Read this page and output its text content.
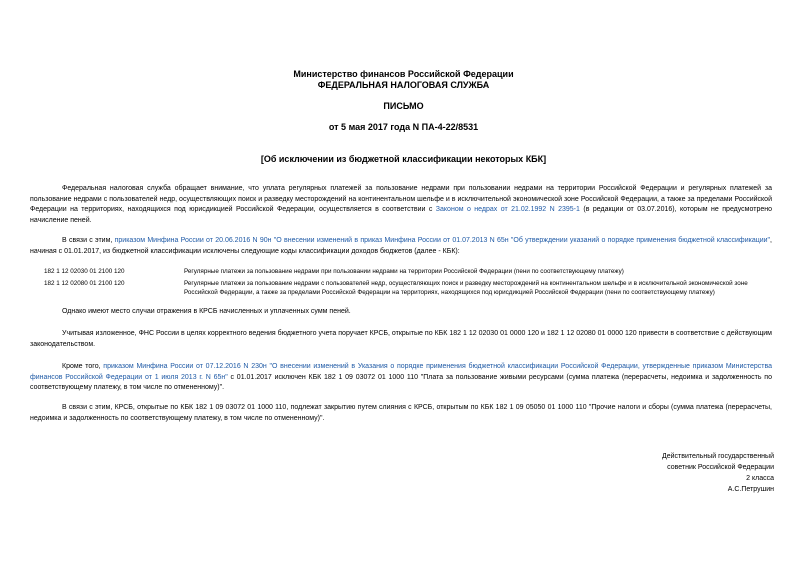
Министерство финансов Российской Федерации
ФЕДЕРАЛЬНАЯ НАЛОГОВАЯ СЛУЖБА
ПИСЬМО
от 5 мая 2017 года N ПА-4-22/8531
[Об исключении из бюджетной классификации некоторых КБК]

Федеральная налоговая служба обращает внимание, что уплата регулярных платежей за пользование недрами при пользовании недрами на территории Российской Федерации и регулярных платежей за пользование недрами с пользователей недр, осуществляющих поиск и разведку месторождений на континентальном шельфе и в исключительной экономической зоне Российской Федерации, а также за пределами Российской Федерации на территориях, находящихся под юрисдикцией Российской Федерации, осуществляется в соответствии с Законом о недрах от 21.02.1992 N 2395-1 (в редакции от 03.07.2016), которым не предусмотрено начисление пеней.

В связи с этим, приказом Минфина России от 20.06.2016 N 90н "О внесении изменений в приказ Минфина России от 01.07.2013 N 65н "Об утверждении указаний о порядке применения бюджетной классификации", начиная с 01.01.2017, из бюджетной классификации исключены следующие коды классификации доходов бюджетов (далее - КБК):

182 1 12 02030 01 2100 120	Регулярные платежи за пользование недрами при пользовании недрами на территории Российской Федерации (пени по соответствующему платежу)
182 1 12 02080 01 2100 120	Регулярные платежи за пользование недрами с пользователей недр, осуществляющих поиск и разведку месторождений на континентальном шельфе и в исключительной экономической зоне Российской Федерации, а также за пределами Российской Федерации на территориях, находящихся под юрисдикцией Российской Федерации (пени по соответствующему платежу)

Однако имеют место случаи отражения в КРСБ начисленных и уплаченных сумм пеней.

Учитывая изложенное, ФНС России в целях корректного ведения бюджетного учета поручает КРСБ, открытые по КБК 182 1 12 02030 01 0000 120 и 182 1 12 02080 01 0000 120 привести в соответствие с действующим законодательством.

Кроме того, приказом Минфина России от 07.12.2016 N 230н "О внесении изменений в Указания о порядке применения бюджетной классификации Российской Федерации, утвержденные приказом Министерства финансов Российской Федерации от 1 июля 2013 г. N 65н" с 01.01.2017 исключен КБК 182 1 09 03072 01 1000 110 "Плата за пользование живыми ресурсами (сумма платежа (перерасчеты, недоимка и задолженность по соответствующему платежу, в том числе по отмененному)".

В связи с этим, КРСБ, открытые по КБК 182 1 09 03072 01 1000 110, подлежат закрытию путем слияния с КРСБ, открытым по КБК 182 1 09 05050 01 1000 110 "Прочие налоги и сборы (сумма платежа (перерасчеты, недоимка и задолженность по соответствующему платежу, в том числе по отмененному)".

Действительный государственный
советник Российской Федерации
2 класса
А.С.Петрушин
